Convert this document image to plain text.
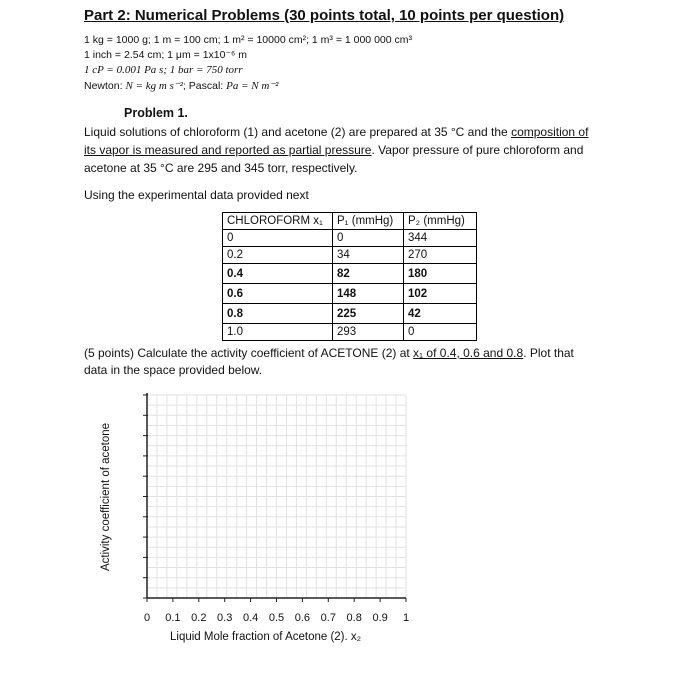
Part 2: Numerical Problems (30 points total, 10 points per question)
1 kg = 1000 g; 1 m = 100 cm; 1 m² = 10000 cm²; 1 m³ = 1 000 000 cm³
1 inch = 2.54 cm; 1 μm = 1x10⁻⁶ m
1 cP = 0.001 Pa s; 1 bar = 750 torr
Newton: N = kg m s⁻²; Pascal: Pa = N m⁻²
Problem 1.
Liquid solutions of chloroform (1) and acetone (2) are prepared at 35 °C and the composition of
its vapor is measured and reported as partial pressure. Vapor pressure of pure chloroform and
acetone at 35 °C are 295 and 345 torr, respectively.
Using the experimental data provided next
CHLOROFORM x₁	P₁ (mmHg)	P₂ (mmHg)
0	0	344
0.2	34	270
0.4	82	180
0.6	148	102
0.8	225	42
1.0	293	0
(5 points) Calculate the activity coefficient of ACETONE (2) at x₁ of 0.4, 0.6 and 0.8. Plot that
data in the space provided below.
Activity coefficient of acetone
0 0.1 0.2 0.3 0.4 0.5 0.6 0.7 0.8 0.9 1
Liquid Mole fraction of Acetone (2). x₂
